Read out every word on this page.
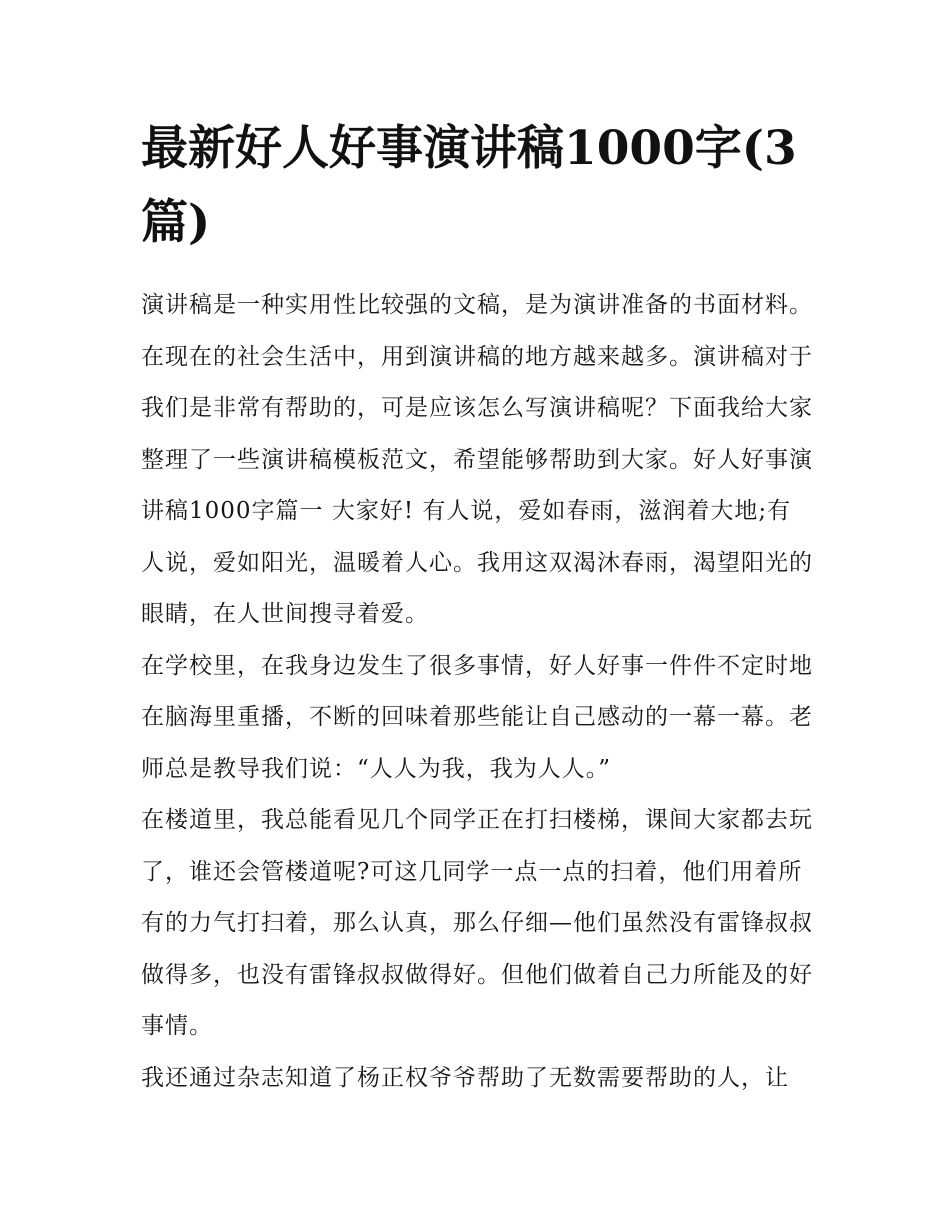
最新好人好事演讲稿1000字(3篇)

演讲稿是一种实用性比较强的文稿，是为演讲准备的书面材料。在现在的社会生活中，用到演讲稿的地方越来越多。演讲稿对于我们是非常有帮助的，可是应该怎么写演讲稿呢？下面我给大家整理了一些演讲稿模板范文，希望能够帮助到大家。好人好事演讲稿1000字篇一 大家好! 有人说，爱如春雨，滋润着大地;有人说，爱如阳光，温暖着人心。我用这双渴沐春雨，渴望阳光的眼睛，在人世间搜寻着爱。

在学校里，在我身边发生了很多事情，好人好事一件件不定时地在脑海里重播，不断的回味着那些能让自己感动的一幕一幕。老师总是教导我们说：“人人为我，我为人人。”

在楼道里，我总能看见几个同学正在打扫楼梯，课间大家都去玩了，谁还会管楼道呢?可这几同学一点一点的扫着，他们用着所有的力气打扫着，那么认真，那么仔细—他们虽然没有雷锋叔叔做得多，也没有雷锋叔叔做得好。但他们做着自己力所能及的好事情。

我还通过杂志知道了杨正权爷爷帮助了无数需要帮助的人，让
